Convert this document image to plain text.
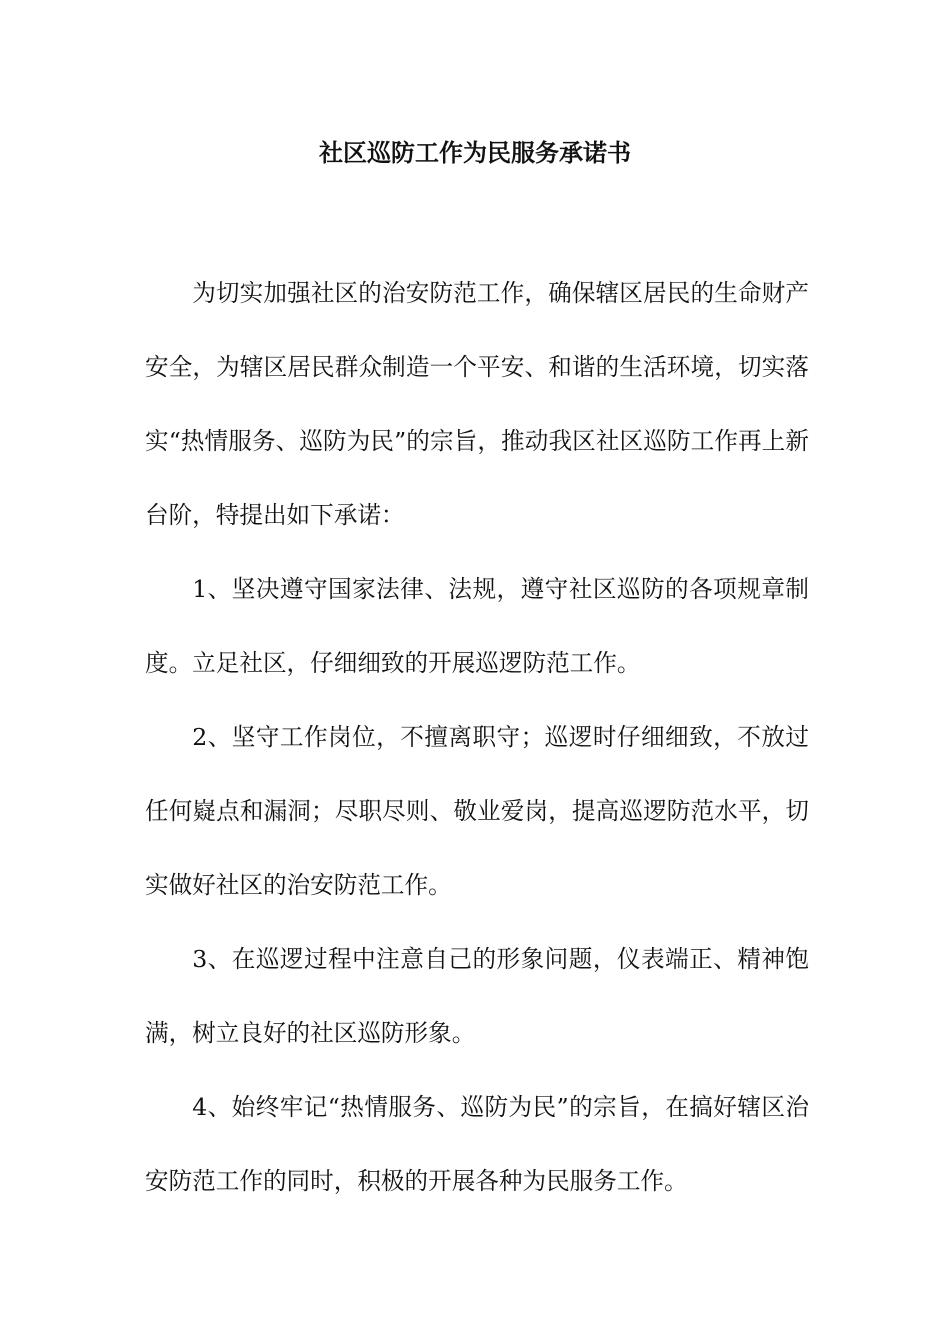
社区巡防工作为民服务承诺书

为切实加强社区的治安防范工作，确保辖区居民的生命财产安全，为辖区居民群众制造一个平安、和谐的生活环境，切实落实“热情服务、巡防为民”的宗旨，推动我区社区巡防工作再上新台阶，特提出如下承诺：

1、坚决遵守国家法律、法规，遵守社区巡防的各项规章制度。立足社区，仔细细致的开展巡逻防范工作。

2、坚守工作岗位，不擅离职守；巡逻时仔细细致，不放过任何嶷点和漏洞；尽职尽则、敬业爱岗，提高巡逻防范水平，切实做好社区的治安防范工作。

3、在巡逻过程中注意自己的形象问题，仪表端正、精神饱满，树立良好的社区巡防形象。

4、始终牢记“热情服务、巡防为民”的宗旨，在搞好辖区治安防范工作的同时，积极的开展各种为民服务工作。
